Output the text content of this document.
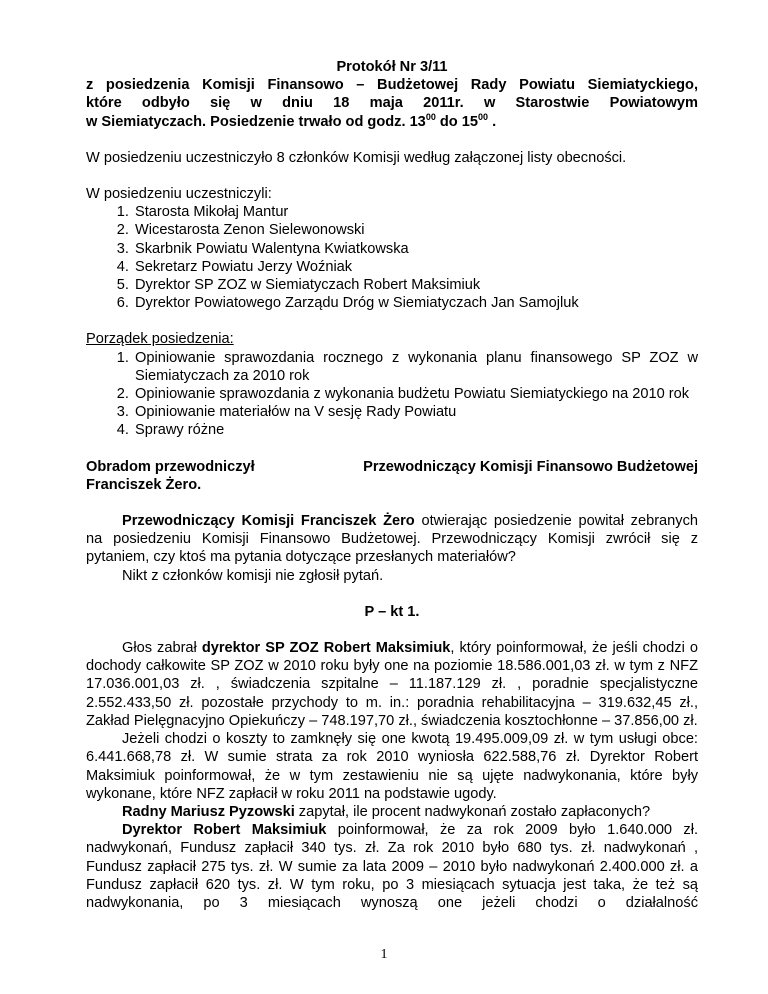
Protokół Nr 3/11

z posiedzenia Komisji Finansowo – Budżetowej Rady Powiatu Siemiatyckiego,

które odbyło się w dniu 18 maja 2011r. w Starostwie Powiatowym

w Siemiatyczach. Posiedzenie trwało od godz. $13^{00}$ do $15^{00}$ .

W posiedzeniu uczestniczyło 8 członków Komisji według załączonej listy obecności.

W posiedzeniu uczestniczyli:

1. Starosta Mikołaj Mantur
2. Wicestarosta Zenon Sielewonowski
3. Skarbnik Powiatu Walentyna Kwiatkowska
4. Sekretarz Powiatu Jerzy Woźniak
5. Dyrektor SP ZOZ w Siemiatyczach Robert Maksimiuk
6. Dyrektor Powiatowego Zarządu Dróg w Siemiatyczach Jan Samojluk

Porządek posiedzenia:

1. Opiniowanie sprawozdania rocznego z wykonania planu finansowego SP ZOZ w Siemiatyczach za 2010 rok
2. Opiniowanie sprawozdania z wykonania budżetu Powiatu Siemiatyckiego na 2010 rok
3. Opiniowanie materiałów na V sesję Rady Powiatu
4. Sprawy różne
Obradom przewodniczył	Przewodniczący Komisji Finansowo Budżetowej

Franciszek Żero.

Przewodniczący Komisji Franciszek Żero otwierając posiedzenie powitał zebranych na posiedzeniu Komisji Finansowo Budżetowej. Przewodniczący Komisji zwrócił się z pytaniem, czy ktoś ma pytania dotyczące przesłanych materiałów?

Nikt z członków komisji nie zgłosił pytań.

P – kt 1.

Głos zabrał dyrektor SP ZOZ Robert Maksimiuk, który poinformował, że jeśli chodzi o dochody całkowite SP ZOZ w 2010 roku były one na poziomie 18.586.001,03 zł. w tym z NFZ 17.036.001,03 zł. , świadczenia szpitalne – 11.187.129 zł. , poradnie specjalistyczne 2.552.433,50 zł. pozostałe przychody to m. in.: poradnia rehabilitacyjna – 319.632,45 zł., Zakład Pielęgnacyjno Opiekuńczy – 748.197,70 zł., świadczenia kosztochłonne – 37.856,00 zł.

Jeżeli chodzi o koszty to zamknęły się one kwotą 19.495.009,09 zł. w tym usługi obce: 6.441.668,78 zł. W sumie strata za rok 2010 wyniosła 622.588,76 zł. Dyrektor Robert Maksimiuk poinformował, że w tym zestawieniu nie są ujęte nadwykonania, które były wykonane, które NFZ zapłacił w roku 2011 na podstawie ugody.

Radny Mariusz Pyzowski zapytał, ile procent nadwykonań zostało zapłaconych?

Dyrektor Robert Maksimiuk poinformował, że za rok 2009 było 1.640.000 zł. nadwykonań, Fundusz zapłacił 340 tys. zł. Za rok 2010 było 680 tys. zł. nadwykonań , Fundusz zapłacił 275 tys. zł. W sumie za lata 2009 – 2010 było nadwykonań 2.400.000 zł. a Fundusz zapłacił 620 tys. zł. W tym roku, po 3 miesiącach sytuacja jest taka, że też są nadwykonania, po 3 miesiącach wynoszą one jeżeli chodzi o działalność

1
